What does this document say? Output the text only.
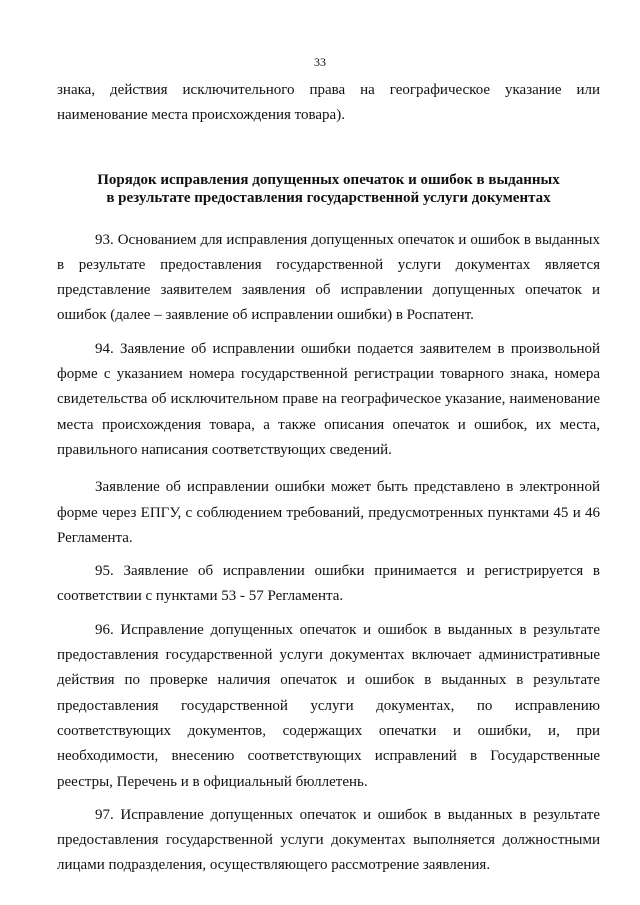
33

знака, действия исключительного права на географическое указание или наименование места происхождения товара).

Порядок исправления допущенных опечаток и ошибок в выданных
в результате предоставления государственной услуги документах

93. Основанием для исправления допущенных опечаток и ошибок в выданных в результате предоставления государственной услуги документах является представление заявителем заявления об исправлении допущенных опечаток и ошибок (далее – заявление об исправлении ошибки) в Роспатент.

94. Заявление об исправлении ошибки подается заявителем в произвольной форме с указанием номера государственной регистрации товарного знака, номера свидетельства об исключительном праве на географическое указание, наименование места происхождения товара, а также описания опечаток и ошибок, их места, правильного написания соответствующих сведений.

Заявление об исправлении ошибки может быть представлено в электронной форме через ЕПГУ, с соблюдением требований, предусмотренных пунктами 45 и 46 Регламента.

95. Заявление об исправлении ошибки принимается и регистрируется в соответствии с пунктами 53 - 57 Регламента.

96. Исправление допущенных опечаток и ошибок в выданных в результате предоставления государственной услуги документах включает административные действия по проверке наличия опечаток и ошибок в выданных в результате предоставления государственной услуги документах, по исправлению соответствующих документов, содержащих опечатки и ошибки, и, при необходимости, внесению соответствующих исправлений в Государственные реестры, Перечень и в официальный бюллетень.

97. Исправление допущенных опечаток и ошибок в выданных в результате предоставления государственной услуги документах выполняется должностными лицами подразделения, осуществляющего рассмотрение заявления.
